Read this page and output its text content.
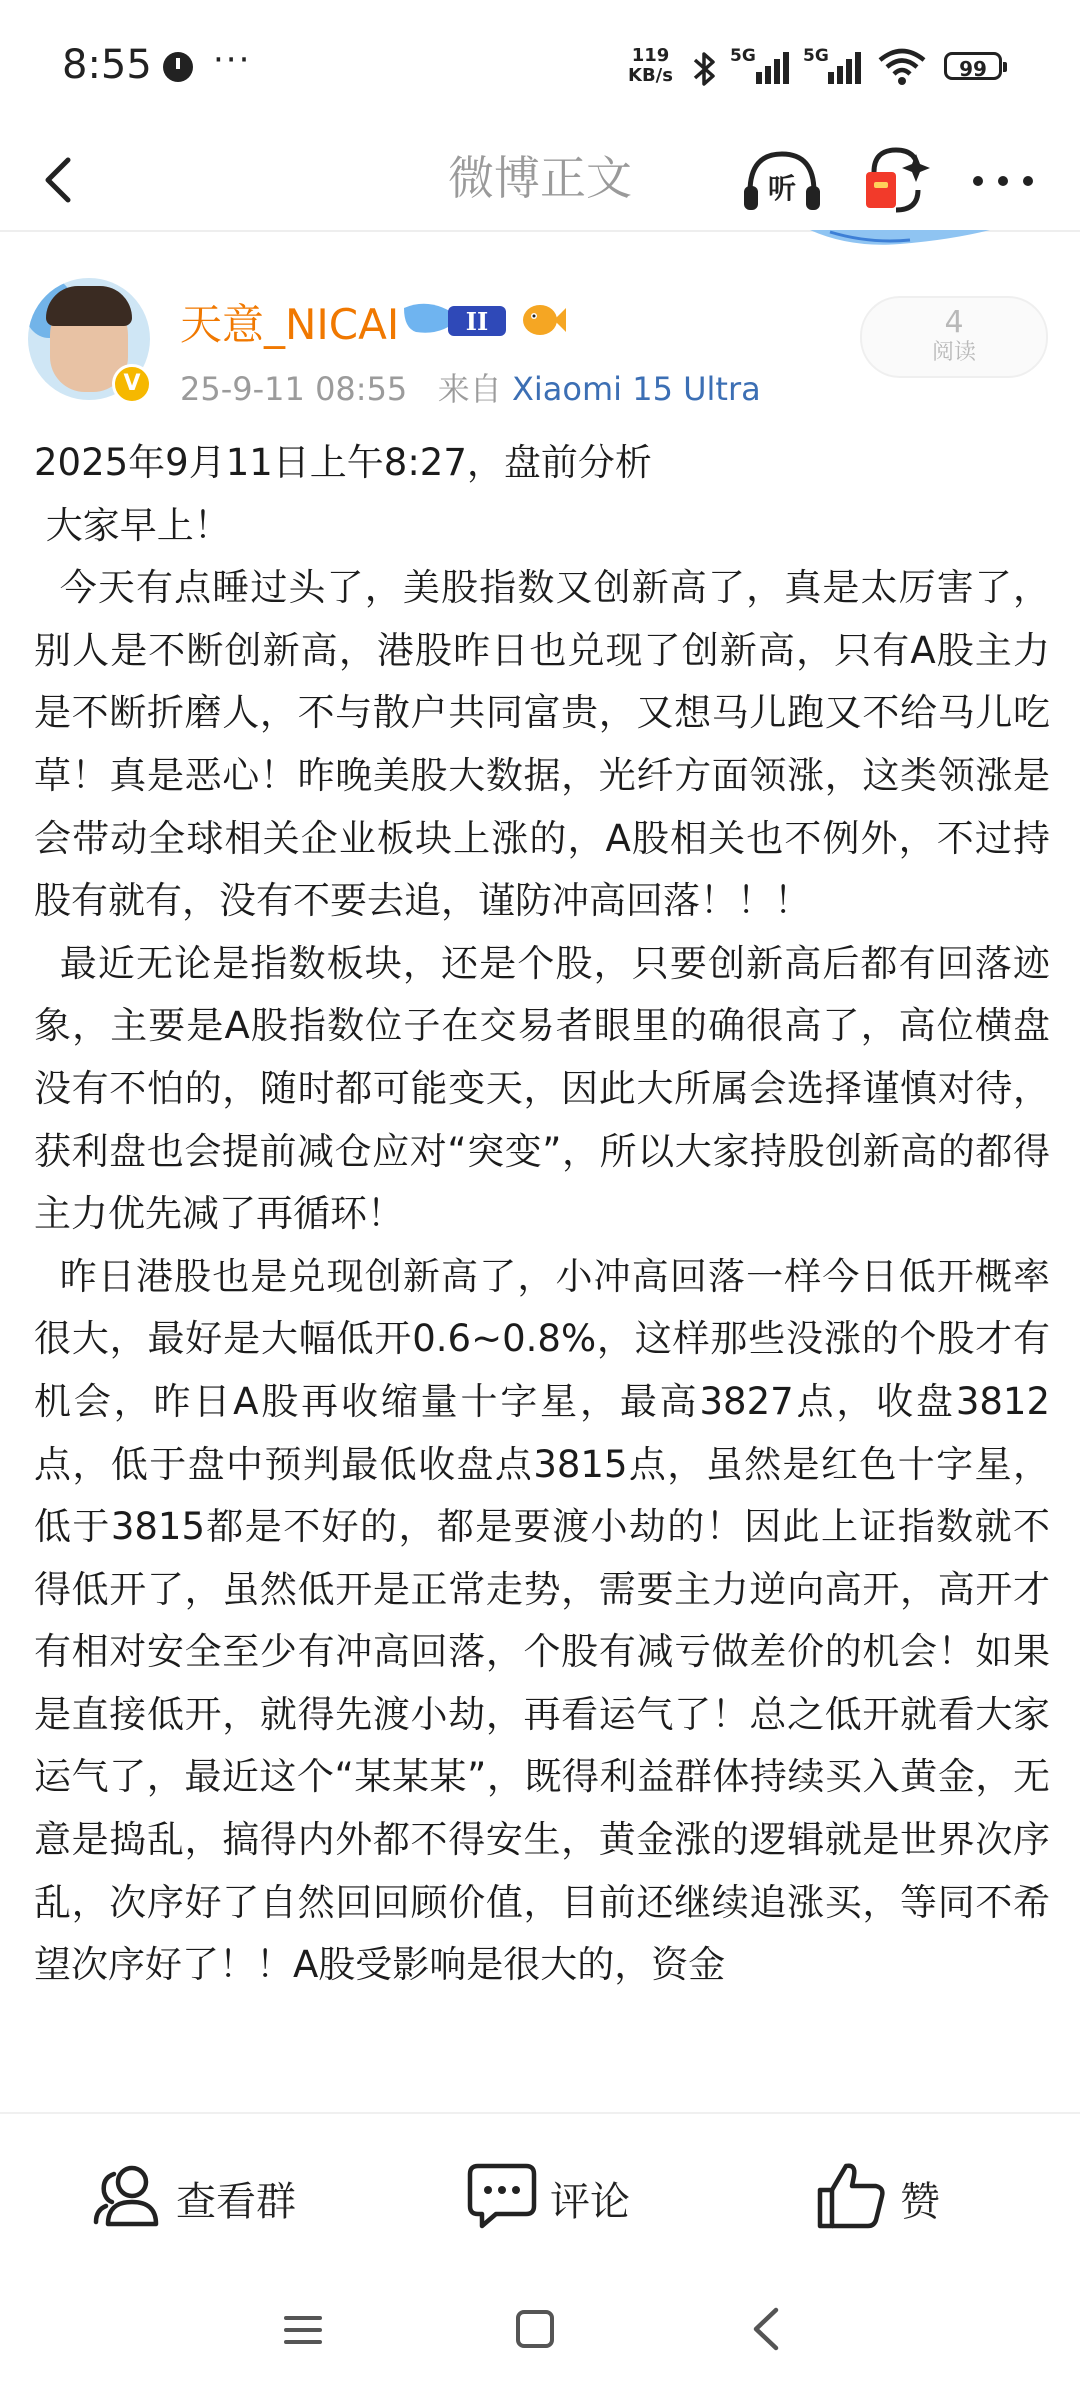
8:55 ···	119
KB/s
5G	5G
99
微博正文	听
V
天意_NICAI	II
25-9-11 08:55 来自 Xiaomi 15 Ultra
4
阅读

2025年9月11日上午8:27，盘前分析

大家早上！

今天有点睡过头了，美股指数又创新高了，真是太厉害了，别人是不断创新高，港股昨日也兑现了创新高，只有A股主力是不断折磨人，不与散户共同富贵，又想马儿跑又不给马儿吃草！真是恶心！昨晚美股大数据，光纤方面领涨，这类领涨是会带动全球相关企业板块上涨的，A股相关也不例外，不过持股有就有，没有不要去追，谨防冲高回落！！！

最近无论是指数板块，还是个股，只要创新高后都有回落迹象，主要是A股指数位子在交易者眼里的确很高了，高位横盘没有不怕的，随时都可能变天，因此大所属会选择谨慎对待，获利盘也会提前减仓应对“突变”，所以大家持股创新高的都得主力优先减了再循环！

昨日港股也是兑现创新高了，小冲高回落一样今日低开概率很大，最好是大幅低开0.6~0.8%，这样那些没涨的个股才有机会，昨日A股再收缩量十字星，最高3827点，收盘3812点，低于盘中预判最低收盘点3815点，虽然是红色十字星，低于3815都是不好的，都是要渡小劫的！因此上证指数就不得低开了，虽然低开是正常走势，需要主力逆向高开，高开才有相对安全至少有冲高回落，个股有减亏做差价的机会！如果是直接低开，就得先渡小劫，再看运气了！总之低开就看大家运气了，最近这个“某某某”，既得利益群体持续买入黄金，无意是捣乱，搞得内外都不得安生，黄金涨的逻辑就是世界次序乱，次序好了自然回回顾价值，目前还继续追涨买，等同不希望次序好了！！A股受影响是很大的，资金

查看群	评论	赞
